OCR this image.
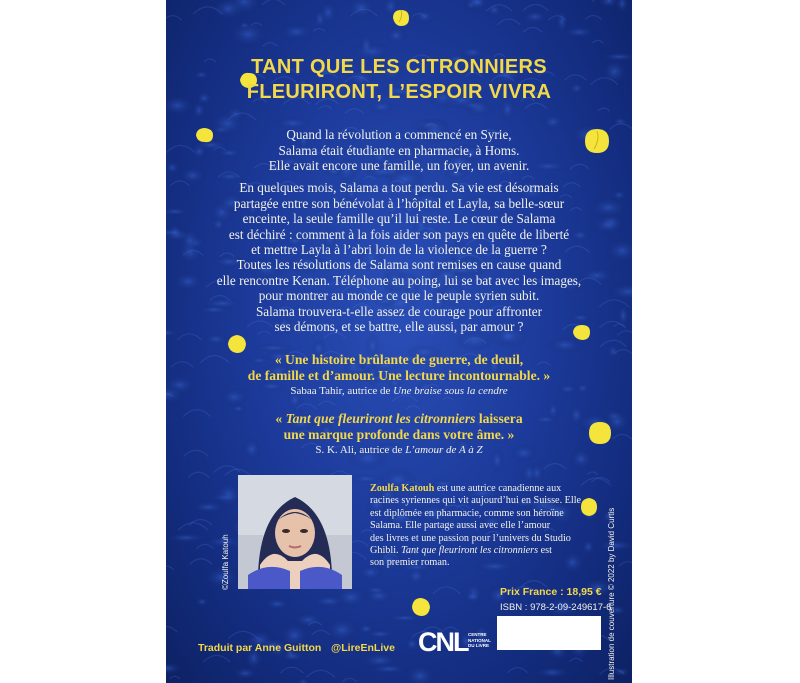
TANT QUE LES CITRONNIERS
FLEURIRONT, L’ESPOIR VIVRA
Quand la révolution a commencé en Syrie,
Salama était étudiante en pharmacie, à Homs.
Elle avait encore une famille, un foyer, un avenir.
En quelques mois, Salama a tout perdu. Sa vie est désormais
partagée entre son bénévolat à l’hôpital et Layla, sa belle-sœur
enceinte, la seule famille qu’il lui reste. Le cœur de Salama
est déchiré : comment à la fois aider son pays en quête de liberté
et mettre Layla à l’abri loin de la violence de la guerre ?
Toutes les résolutions de Salama sont remises en cause quand
elle rencontre Kenan. Téléphone au poing, lui se bat avec les images,
pour montrer au monde ce que le peuple syrien subit.
Salama trouvera-t-elle assez de courage pour affronter
ses démons, et se battre, elle aussi, par amour ?
« Une histoire brûlante de guerre, de deuil,
de famille et d’amour. Une lecture incontournable. »
Sabaa Tahir, autrice de Une braise sous la cendre
« Tant que fleuriront les citronniers laissera
une marque profonde dans votre âme. »
S. K. Ali, autrice de L’amour de A à Z
©Zoulfa Katouh
Zoulfa Katouh est une autrice canadienne aux
racines syriennes qui vit aujourd’hui en Suisse. Elle
est diplômée en pharmacie, comme son héroïne
Salama. Elle partage aussi avec elle l’amour
des livres et une passion pour l’univers du Studio
Ghibli. Tant que fleuriront les citronniers est
son premier roman.
Prix France : 18,95 €
ISBN : 978-2-09-249617-6
Traduit par Anne Guitton @LireEnLive CNL CENTRE
NATIONAL
DU LIVRE	Illustration de couverture © 2022 by David Curtis
